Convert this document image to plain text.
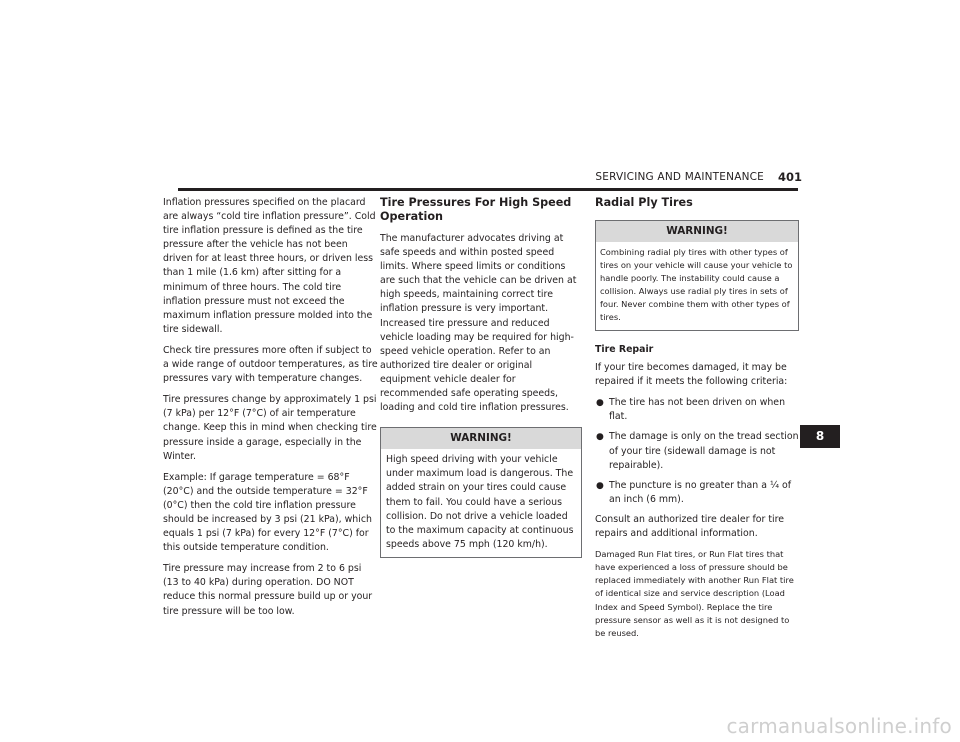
SERVICING AND MAINTENANCE 401

Inflation pressures specified on the placard are always “cold tire inflation pressure”. Cold tire inflation pressure is defined as the tire pressure after the vehicle has not been driven for at least three hours, or driven less than 1 mile (1.6 km) after sitting for a minimum of three hours. The cold tire inflation pressure must not exceed the maximum inflation pressure molded into the tire sidewall.

Check tire pressures more often if subject to a wide range of outdoor temperatures, as tire pressures vary with temperature changes.

Tire pressures change by approximately 1 psi (7 kPa) per 12°F (7°C) of air temperature change. Keep this in mind when checking tire pressure inside a garage, especially in the Winter.

Example: If garage temperature = 68°F (20°C) and the outside temperature = 32°F (0°C) then the cold tire inflation pressure should be increased by 3 psi (21 kPa), which equals 1 psi (7 kPa) for every 12°F (7°C) for this outside temperature condition.

Tire pressure may increase from 2 to 6 psi (13 to 40 kPa) during operation. DO NOT reduce this normal pressure build up or your tire pressure will be too low.

Tire Pressures For High Speed Operation

The manufacturer advocates driving at safe speeds and within posted speed limits. Where speed limits or conditions are such that the vehicle can be driven at high speeds, maintaining correct tire inflation pressure is very important. Increased tire pressure and reduced vehicle loading may be required for high-speed vehicle operation. Refer to an authorized tire dealer or original equipment vehicle dealer for recommended safe operating speeds, loading and cold tire inflation pressures.

WARNING!
High speed driving with your vehicle under maximum load is dangerous. The added strain on your tires could cause them to fail. You could have a serious collision. Do not drive a vehicle loaded to the maximum capacity at continuous speeds above 75 mph (120 km/h).
Radial Ply Tires
WARNING!
Combining radial ply tires with other types of tires on your vehicle will cause your vehicle to handle poorly. The instability could cause a collision. Always use radial ply tires in sets of four. Never combine them with other types of tires.

Tire Repair

If your tire becomes damaged, it may be repaired if it meets the following criteria:

● The tire has not been driven on when flat.
● The damage is only on the tread section of your tire (sidewall damage is not repairable).
● The puncture is no greater than a ¼ of an inch (6 mm).

Consult an authorized tire dealer for tire repairs and additional information.

Damaged Run Flat tires, or Run Flat tires that have experienced a loss of pressure should be replaced immediately with another Run Flat tire of identical size and service description (Load Index and Speed Symbol). Replace the tire pressure sensor as well as it is not designed to be reused.

8
carmanualsonline.info
